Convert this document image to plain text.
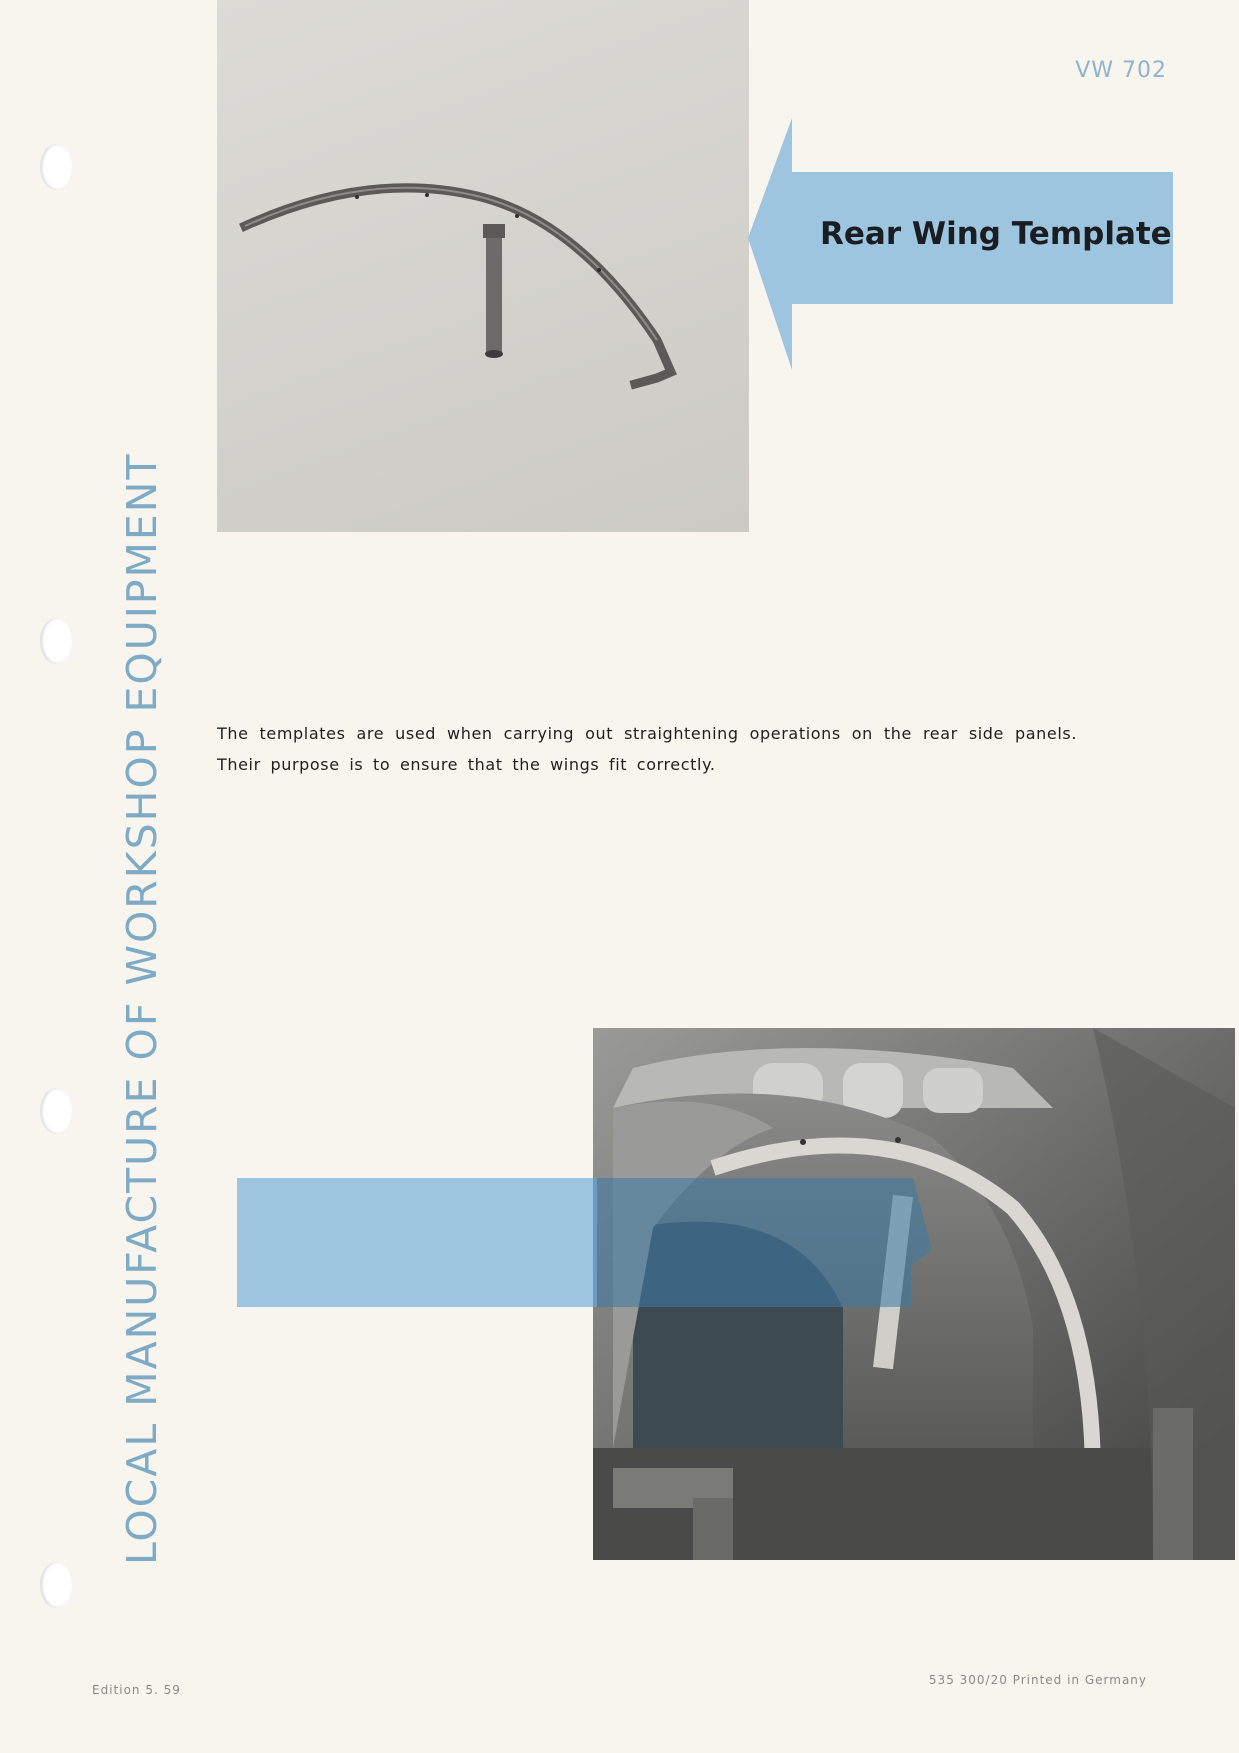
LOCAL MANUFACTURE OF WORKSHOP EQUIPMENT
VW 702
Rear Wing Template
The templates are used when carrying out straightening operations on the rear side panels. Their purpose is to ensure that the wings fit correctly.
Edition 5. 59
535 300/20 Printed in Germany
